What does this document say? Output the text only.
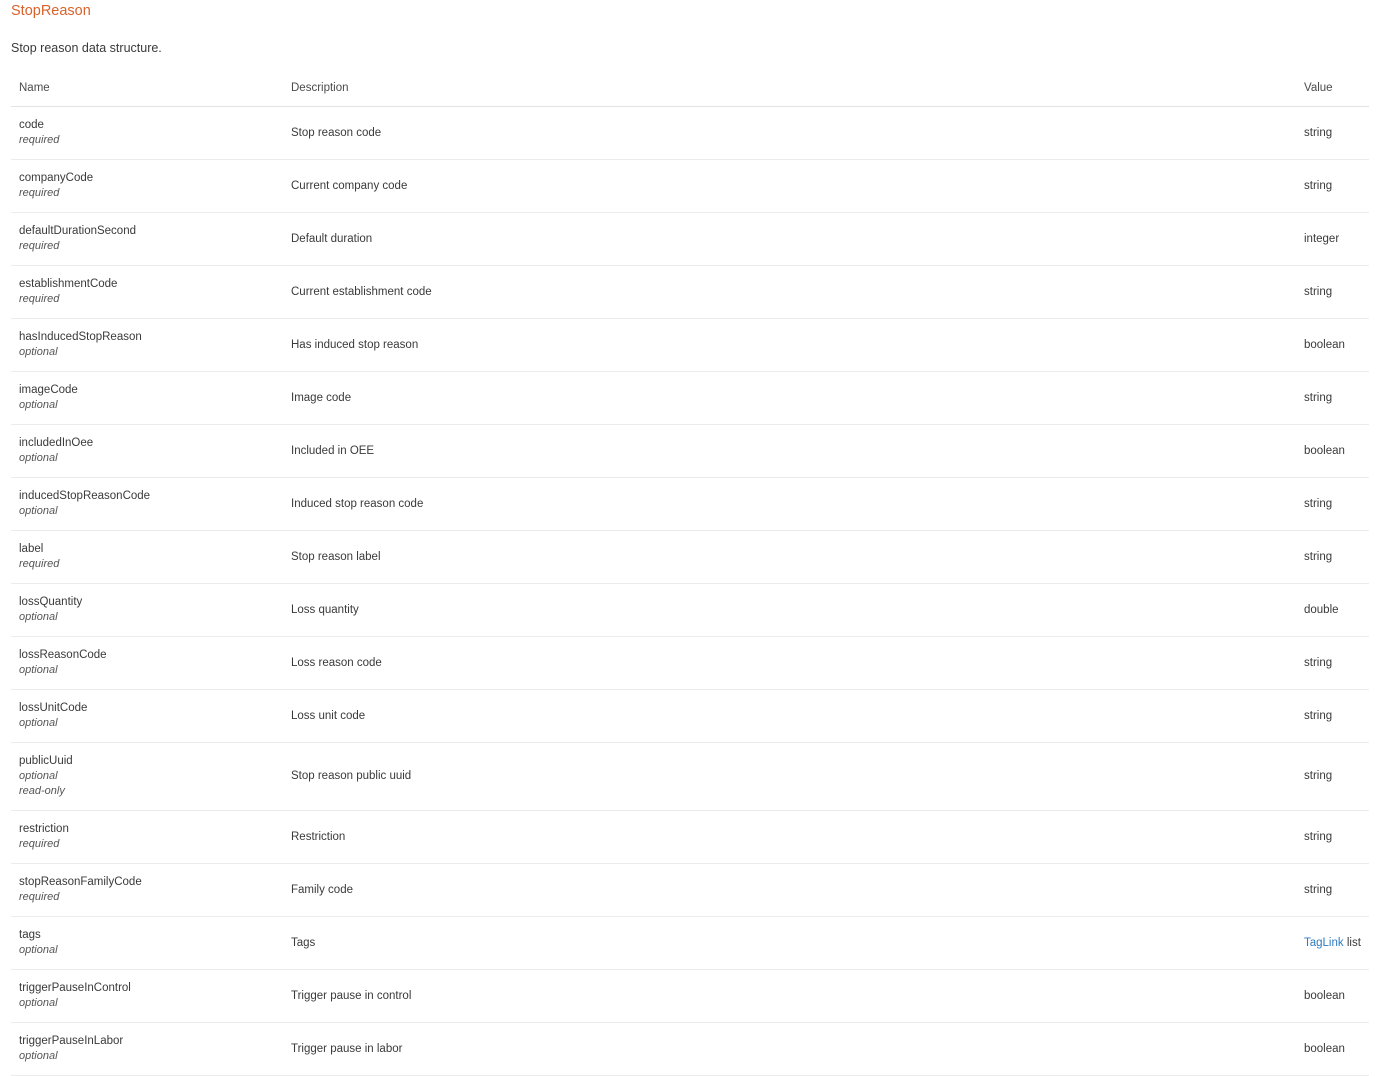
StopReason

Stop reason data structure.

Name	Description	Value

code
required	Stop reason code	string

companyCode
required	Current company code	string

defaultDurationSecond
required	Default duration	integer

establishmentCode
required	Current establishment code	string

hasInducedStopReason
optional	Has induced stop reason	boolean

imageCode
optional	Image code	string

includedInOee
optional	Included in OEE	boolean

inducedStopReasonCode
optional	Induced stop reason code	string

label
required	Stop reason label	string

lossQuantity
optional	Loss quantity	double

lossReasonCode
optional	Loss reason code	string

lossUnitCode
optional	Loss unit code	string

publicUuid
optional
read-only	Stop reason public uuid	string

restriction
required	Restriction	string

stopReasonFamilyCode
required	Family code	string

tags
optional	Tags	TagLink list

triggerPauseInControl
optional	Trigger pause in control	boolean

triggerPauseInLabor
optional	Trigger pause in labor	boolean
